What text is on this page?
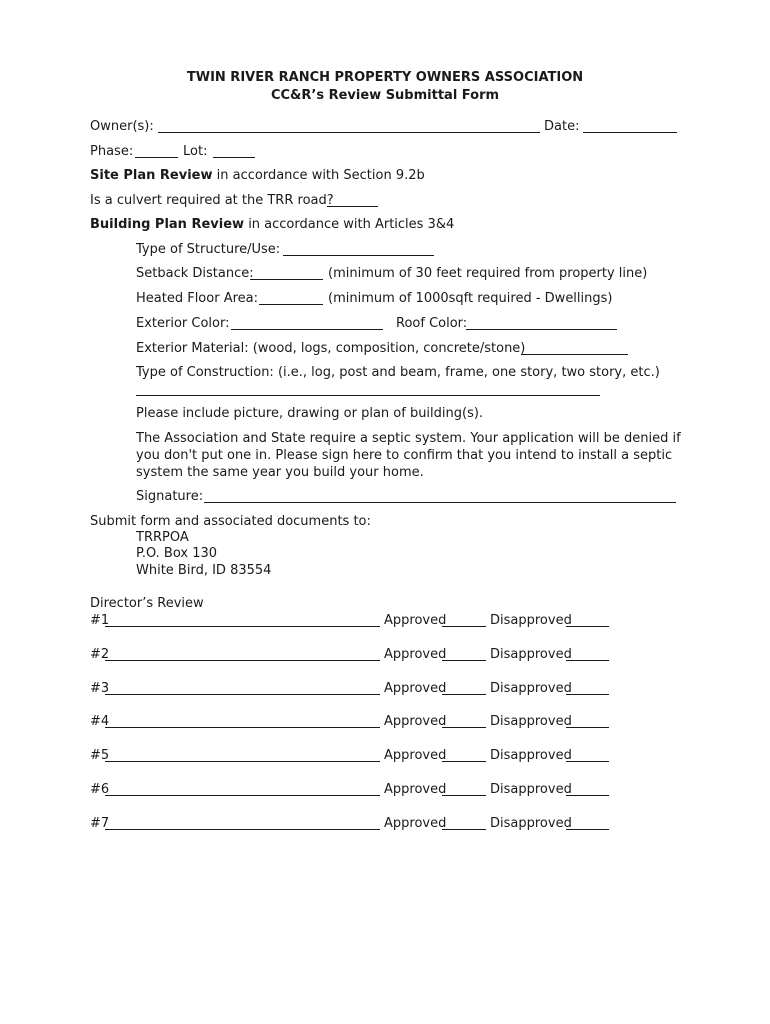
TWIN RIVER RANCH PROPERTY OWNERS ASSOCIATION
CC&R’s Review Submittal Form
Owner(s):	Date:
Phase:	Lot:
Site Plan Review in accordance with Section 9.2b
Is a culvert required at the TRR road?
Building Plan Review in accordance with Articles 3&4
Type of Structure/Use:
Setback Distance:	(minimum of 30 feet required from property line)
Heated Floor Area:	(minimum of 1000sqft required - Dwellings)
Exterior Color:	Roof Color:
Exterior Material: (wood, logs, composition, concrete/stone)
Type of Construction: (i.e., log, post and beam, frame, one story, two story, etc.)
Please include picture, drawing or plan of building(s).
The Association and State require a septic system. Your application will be denied if
you don't put one in. Please sign here to confirm that you intend to install a septic
system the same year you build your home.
Signature:
Submit form and associated documents to:
TRRPOA
P.O. Box 130
White Bird, ID 83554
Director’s Review
#1	Approved	Disapproved
#2	Approved	Disapproved
#3	Approved	Disapproved
#4	Approved	Disapproved
#5	Approved	Disapproved
#6	Approved	Disapproved
#7	Approved	Disapproved
